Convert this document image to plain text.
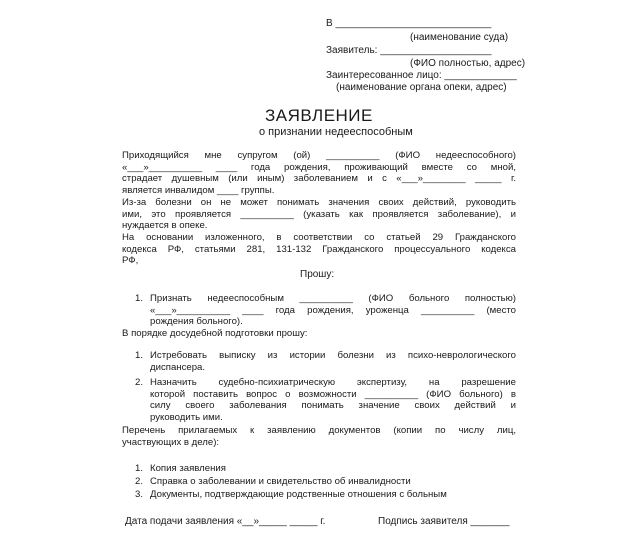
В ____________________________
(наименование суда)
Заявитель: ____________________
(ФИО полностью, адрес)
Заинтересованное лицо: _____________
(наименование органа опеки, адрес)
ЗАЯВЛЕНИЕ
о признании недееспособным
Приходящийся мне супругом (ой) __________ (ФИО недееспособного)
«___»__________ ____ года рождения, проживающий вместе со мной,
страдает душевным (или иным) заболеванием и с «___»________ _____ г.
является инвалидом ____ группы.
Из-за болезни он не может понимать значения своих действий, руководить
ими, это проявляется __________ (указать как проявляется заболевание), и
нуждается в опеке.
На основании изложенного, в соответствии со статьей 29 Гражданского
кодекса РФ, статьями 281, 131-132 Гражданского процессуального кодекса
РФ,
Прошу:
1. Признать недееспособным __________ (ФИО больного полностью)
«___»__________ ____ года рождения, уроженца __________ (место
рождения больного).
В порядке досудебной подготовки прошу:
1. Истребовать выписку из истории болезни из психо-неврологического
диспансера.
2. Назначить судебно-психиатрическую экспертизу, на разрешение
которой поставить вопрос о возможности __________ (ФИО больного) в
силу своего заболевания понимать значение своих действий и
руководить ими.
Перечень прилагаемых к заявлению документов (копии по числу лиц,
участвующих в деле):
1. Копия заявления
2. Справка о заболевании и свидетельство об инвалидности
3. Документы, подтверждающие родственные отношения с больным
Дата подачи заявления «__»_____ _____ г.	Подпись заявителя _______
